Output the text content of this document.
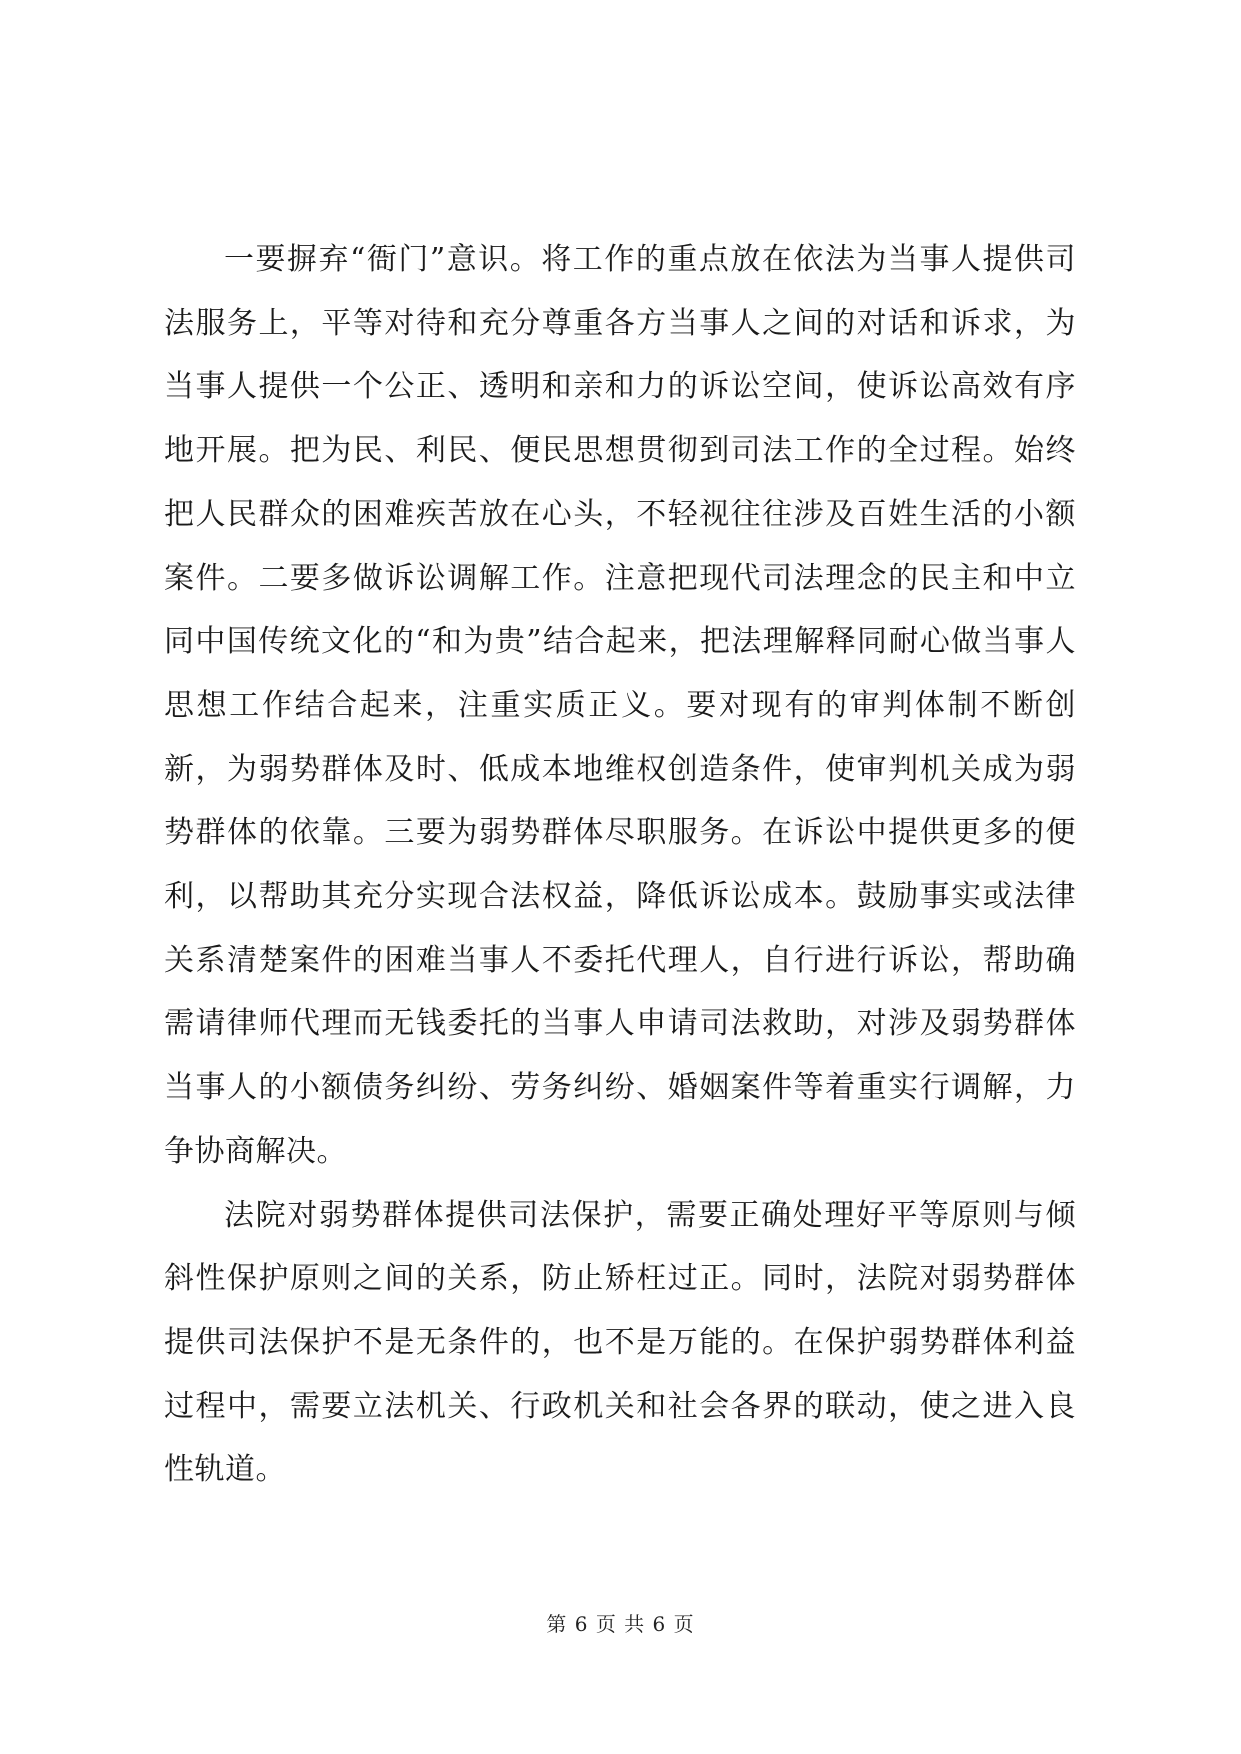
一要摒弃“衙门”意识。将工作的重点放在依法为当事人提供司法服务上，平等对待和充分尊重各方当事人之间的对话和诉求，为当事人提供一个公正、透明和亲和力的诉讼空间，使诉讼高效有序地开展。把为民、利民、便民思想贯彻到司法工作的全过程。始终把人民群众的困难疾苦放在心头，不轻视往往涉及百姓生活的小额案件。二要多做诉讼调解工作。注意把现代司法理念的民主和中立同中国传统文化的“和为贵”结合起来，把法理解释同耐心做当事人思想工作结合起来，注重实质正义。要对现有的审判体制不断创新，为弱势群体及时、低成本地维权创造条件，使审判机关成为弱势群体的依靠。三要为弱势群体尽职服务。在诉讼中提供更多的便利，以帮助其充分实现合法权益，降低诉讼成本。鼓励事实或法律关系清楚案件的困难当事人不委托代理人，自行进行诉讼，帮助确需请律师代理而无钱委托的当事人申请司法救助，对涉及弱势群体当事人的小额债务纠纷、劳务纠纷、婚姻案件等着重实行调解，力争协商解决。

法院对弱势群体提供司法保护，需要正确处理好平等原则与倾斜性保护原则之间的关系，防止矫枉过正。同时，法院对弱势群体提供司法保护不是无条件的，也不是万能的。在保护弱势群体利益过程中，需要立法机关、行政机关和社会各界的联动，使之进入良性轨道。

第 6 页 共 6 页
